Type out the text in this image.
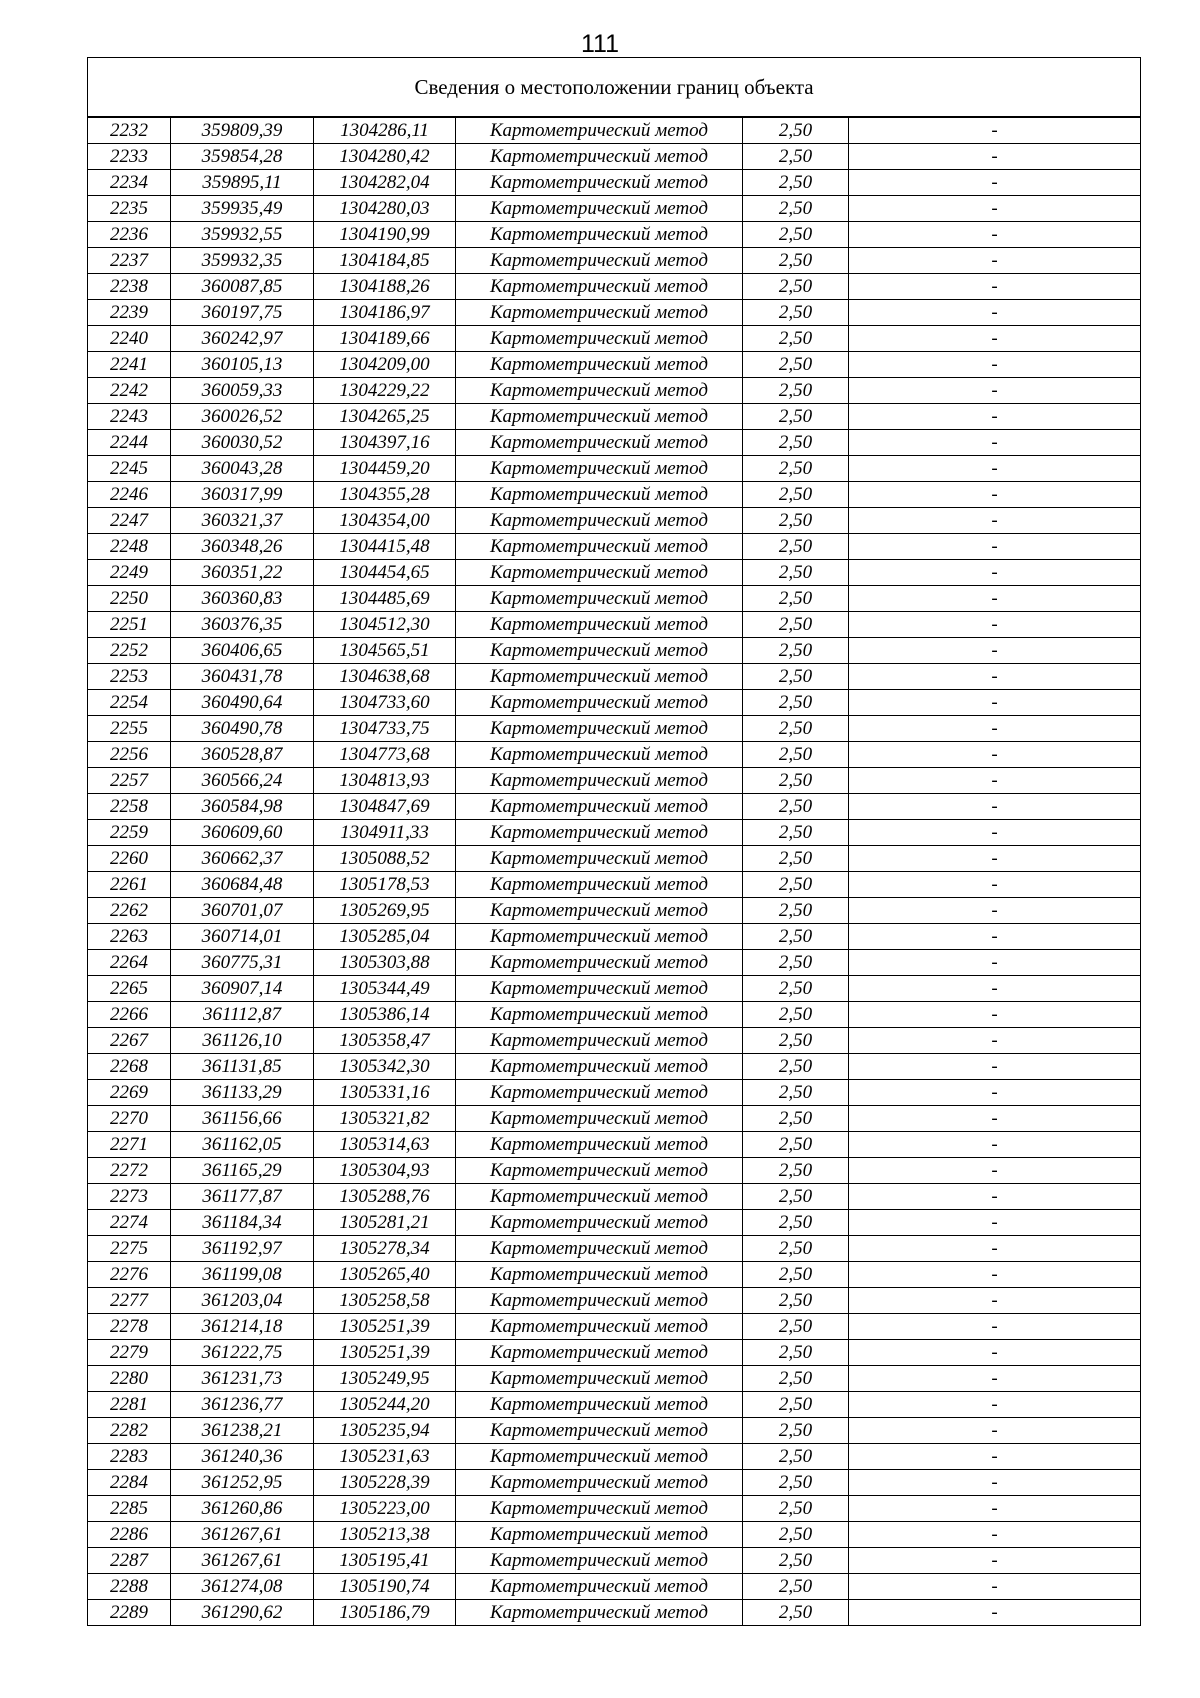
111
Сведения о местоположении границ объекта					
2232	359809,39	1304286,11	Картометрический метод	2,50	-
2233	359854,28	1304280,42	Картометрический метод	2,50	-
2234	359895,11	1304282,04	Картометрический метод	2,50	-
2235	359935,49	1304280,03	Картометрический метод	2,50	-
2236	359932,55	1304190,99	Картометрический метод	2,50	-
2237	359932,35	1304184,85	Картометрический метод	2,50	-
2238	360087,85	1304188,26	Картометрический метод	2,50	-
2239	360197,75	1304186,97	Картометрический метод	2,50	-
2240	360242,97	1304189,66	Картометрический метод	2,50	-
2241	360105,13	1304209,00	Картометрический метод	2,50	-
2242	360059,33	1304229,22	Картометрический метод	2,50	-
2243	360026,52	1304265,25	Картометрический метод	2,50	-
2244	360030,52	1304397,16	Картометрический метод	2,50	-
2245	360043,28	1304459,20	Картометрический метод	2,50	-
2246	360317,99	1304355,28	Картометрический метод	2,50	-
2247	360321,37	1304354,00	Картометрический метод	2,50	-
2248	360348,26	1304415,48	Картометрический метод	2,50	-
2249	360351,22	1304454,65	Картометрический метод	2,50	-
2250	360360,83	1304485,69	Картометрический метод	2,50	-
2251	360376,35	1304512,30	Картометрический метод	2,50	-
2252	360406,65	1304565,51	Картометрический метод	2,50	-
2253	360431,78	1304638,68	Картометрический метод	2,50	-
2254	360490,64	1304733,60	Картометрический метод	2,50	-
2255	360490,78	1304733,75	Картометрический метод	2,50	-
2256	360528,87	1304773,68	Картометрический метод	2,50	-
2257	360566,24	1304813,93	Картометрический метод	2,50	-
2258	360584,98	1304847,69	Картометрический метод	2,50	-
2259	360609,60	1304911,33	Картометрический метод	2,50	-
2260	360662,37	1305088,52	Картометрический метод	2,50	-
2261	360684,48	1305178,53	Картометрический метод	2,50	-
2262	360701,07	1305269,95	Картометрический метод	2,50	-
2263	360714,01	1305285,04	Картометрический метод	2,50	-
2264	360775,31	1305303,88	Картометрический метод	2,50	-
2265	360907,14	1305344,49	Картометрический метод	2,50	-
2266	361112,87	1305386,14	Картометрический метод	2,50	-
2267	361126,10	1305358,47	Картометрический метод	2,50	-
2268	361131,85	1305342,30	Картометрический метод	2,50	-
2269	361133,29	1305331,16	Картометрический метод	2,50	-
2270	361156,66	1305321,82	Картометрический метод	2,50	-
2271	361162,05	1305314,63	Картометрический метод	2,50	-
2272	361165,29	1305304,93	Картометрический метод	2,50	-
2273	361177,87	1305288,76	Картометрический метод	2,50	-
2274	361184,34	1305281,21	Картометрический метод	2,50	-
2275	361192,97	1305278,34	Картометрический метод	2,50	-
2276	361199,08	1305265,40	Картометрический метод	2,50	-
2277	361203,04	1305258,58	Картометрический метод	2,50	-
2278	361214,18	1305251,39	Картометрический метод	2,50	-
2279	361222,75	1305251,39	Картометрический метод	2,50	-
2280	361231,73	1305249,95	Картометрический метод	2,50	-
2281	361236,77	1305244,20	Картометрический метод	2,50	-
2282	361238,21	1305235,94	Картометрический метод	2,50	-
2283	361240,36	1305231,63	Картометрический метод	2,50	-
2284	361252,95	1305228,39	Картометрический метод	2,50	-
2285	361260,86	1305223,00	Картометрический метод	2,50	-
2286	361267,61	1305213,38	Картометрический метод	2,50	-
2287	361267,61	1305195,41	Картометрический метод	2,50	-
2288	361274,08	1305190,74	Картометрический метод	2,50	-
2289	361290,62	1305186,79	Картометрический метод	2,50	-
